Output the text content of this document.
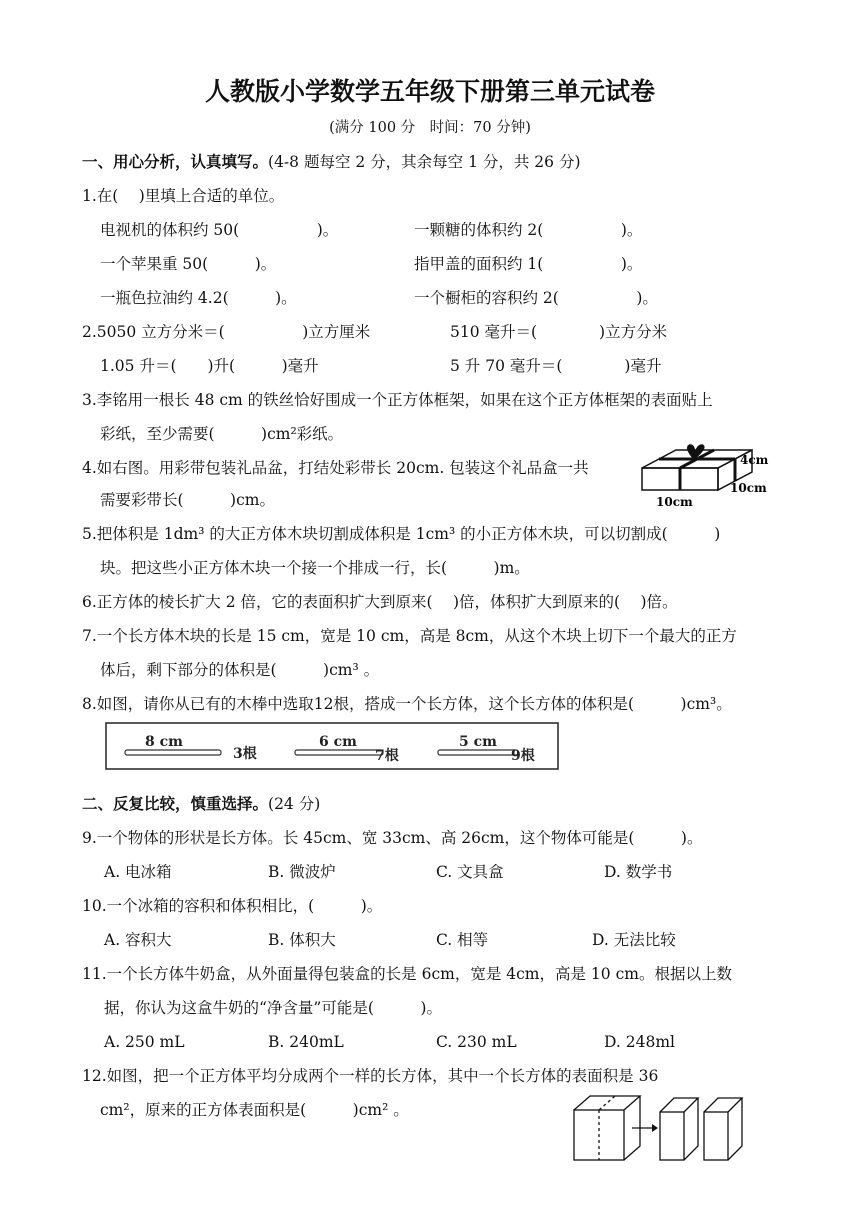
人教版小学数学五年级下册第三单元试卷
(满分 100 分　时间：70 分钟)
一、用心分析，认真填写。(4-8 题每空 2 分，其余每空 1 分，共 26 分)
1.在(　 )里填上合适的单位。
电视机的体积约 50(　　　　　)。	一颗糖的体积约 2(　　　　　)。
一个苹果重 50(　　　)。	指甲盖的面积约 1(　　　　　)。
一瓶色拉油约 4.2(　　　)。	一个橱柜的容积约 2(　　　　　)。
2.5050 立方分米＝(　　　　　)立方厘米	510 毫升＝(　　　　)立方分米
1.05 升＝(　　)升(　　　)毫升	5 升 70 毫升＝(　　　　)毫升
3.李铭用一根长 48 cm 的铁丝恰好围成一个正方体框架，如果在这个正方体框架的表面贴上
彩纸，至少需要(　　　)cm²彩纸。
4.如右图。用彩带包装礼品盆，打结处彩带长 20cm. 包装这个礼品盒一共
需要彩带长(　　　)cm。
4cm
10cm
10cm
5.把体积是 1dm³ 的大正方体木块切割成体积是 1cm³ 的小正方体木块，可以切割成(　　　)
块。把这些小正方体木块一个接一个排成一行，长(　　　)m。
6.正方体的棱长扩大 2 倍，它的表面积扩大到原来(　 )倍，体积扩大到原来的(　 )倍。
7.一个长方体木块的长是 15 cm，宽是 10 cm，高是 8cm，从这个木块上切下一个最大的正方
体后，剩下部分的体积是(　　　)cm³ 。
8.如图，请你从已有的木棒中选取12根，搭成一个长方体，这个长方体的体积是(　　　)cm³。
8 cm
3根
6 cm
7根
5 cm
9根
二、反复比较，慎重选择。(24 分)
9.一个物体的形状是长方体。长 45cm、宽 33cm、高 26cm，这个物体可能是(　　　)。
A. 电冰箱	B. 微波炉	C. 文具盒	D. 数学书
10.一个冰箱的容积和体积相比，(　　　)。
A. 容积大	B. 体积大	C. 相等	D. 无法比较
11.一个长方体牛奶盒，从外面量得包装盒的长是 6cm，宽是 4cm，高是 10 cm。根据以上数
据，你认为这盒牛奶的“净含量”可能是(　　　)。
A. 250 mL	B. 240mL	C. 230 mL	D. 248ml
12.如图，把一个正方体平均分成两个一样的长方体，其中一个长方体的表面积是 36
cm²，原来的正方体表面积是(　　　)cm² 。
